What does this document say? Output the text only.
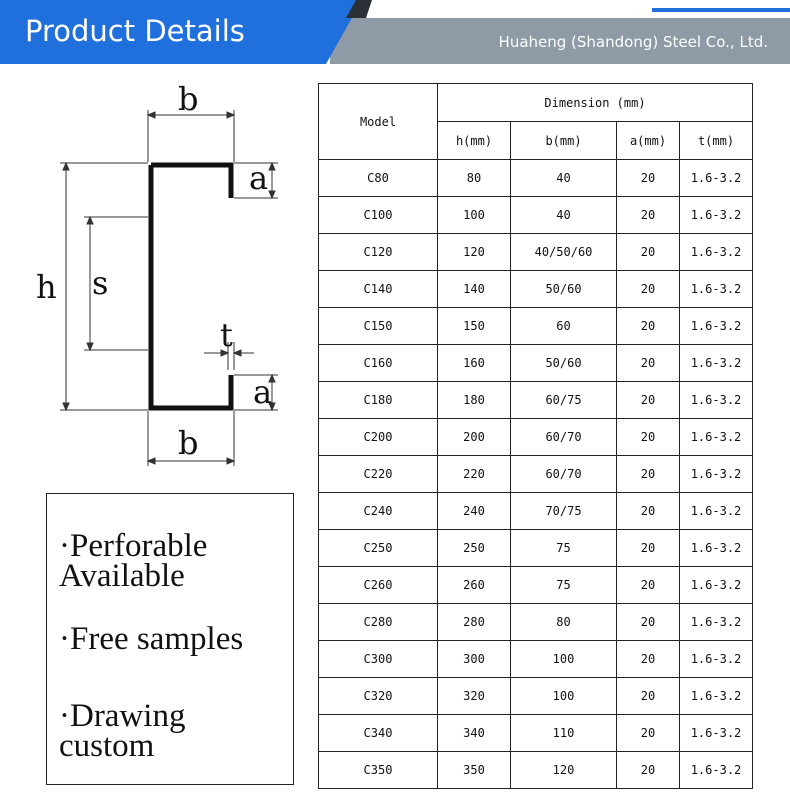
Product Details	Huaheng (Shandong) Steel Co., Ltd.
b
a
h s
t
a
b
·Perforable
Available
·Free samples
·Drawing
custom
Model	Dimension (mm)			
	h(mm)	b(mm)	a(mm)	t(mm)
C80	80	40	20	1.6-3.2
C100	100	40	20	1.6-3.2
C120	120	40/50/60	20	1.6-3.2
C140	140	50/60	20	1.6-3.2
C150	150	60	20	1.6-3.2
C160	160	50/60	20	1.6-3.2
C180	180	60/75	20	1.6-3.2
C200	200	60/70	20	1.6-3.2
C220	220	60/70	20	1.6-3.2
C240	240	70/75	20	1.6-3.2
C250	250	75	20	1.6-3.2
C260	260	75	20	1.6-3.2
C280	280	80	20	1.6-3.2
C300	300	100	20	1.6-3.2
C320	320	100	20	1.6-3.2
C340	340	110	20	1.6-3.2
C350	350	120	20	1.6-3.2
